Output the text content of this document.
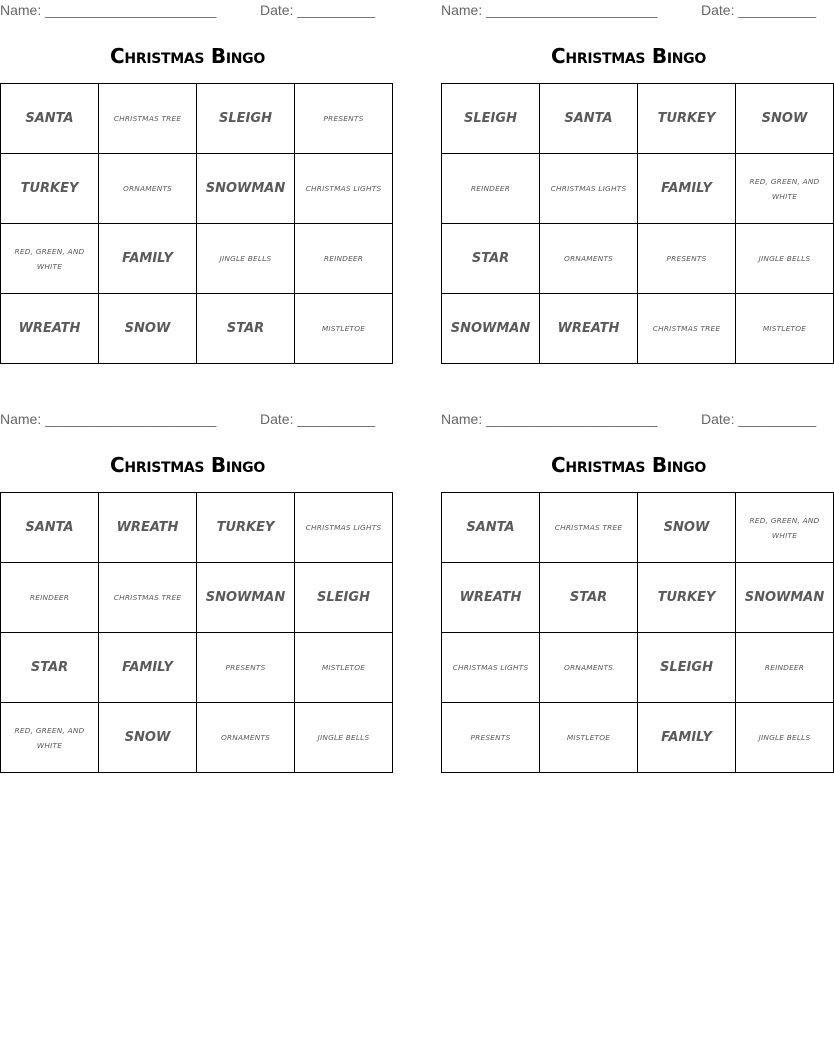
Name: ______________________	Date: __________
Christmas Bingo
SANTA	CHRISTMAS TREE	SLEIGH	PRESENTS
TURKEY	ORNAMENTS	SNOWMAN	CHRISTMAS LIGHTS
RED, GREEN, AND WHITE	FAMILY	JINGLE BELLS	REINDEER
WREATH	SNOW	STAR	MISTLETOE
Name: ______________________	Date: __________
Christmas Bingo
SLEIGH	SANTA	TURKEY	SNOW
REINDEER	CHRISTMAS LIGHTS	FAMILY	RED, GREEN, AND WHITE
STAR	ORNAMENTS	PRESENTS	JINGLE BELLS
SNOWMAN	WREATH	CHRISTMAS TREE	MISTLETOE
Name: ______________________	Date: __________
Christmas Bingo
SANTA	WREATH	TURKEY	CHRISTMAS LIGHTS
REINDEER	CHRISTMAS TREE	SNOWMAN	SLEIGH
STAR	FAMILY	PRESENTS	MISTLETOE
RED, GREEN, AND WHITE	SNOW	ORNAMENTS	JINGLE BELLS
Name: ______________________	Date: __________
Christmas Bingo
SANTA	CHRISTMAS TREE	SNOW	RED, GREEN, AND WHITE
WREATH	STAR	TURKEY	SNOWMAN
CHRISTMAS LIGHTS	ORNAMENTS	SLEIGH	REINDEER
PRESENTS	MISTLETOE	FAMILY	JINGLE BELLS
